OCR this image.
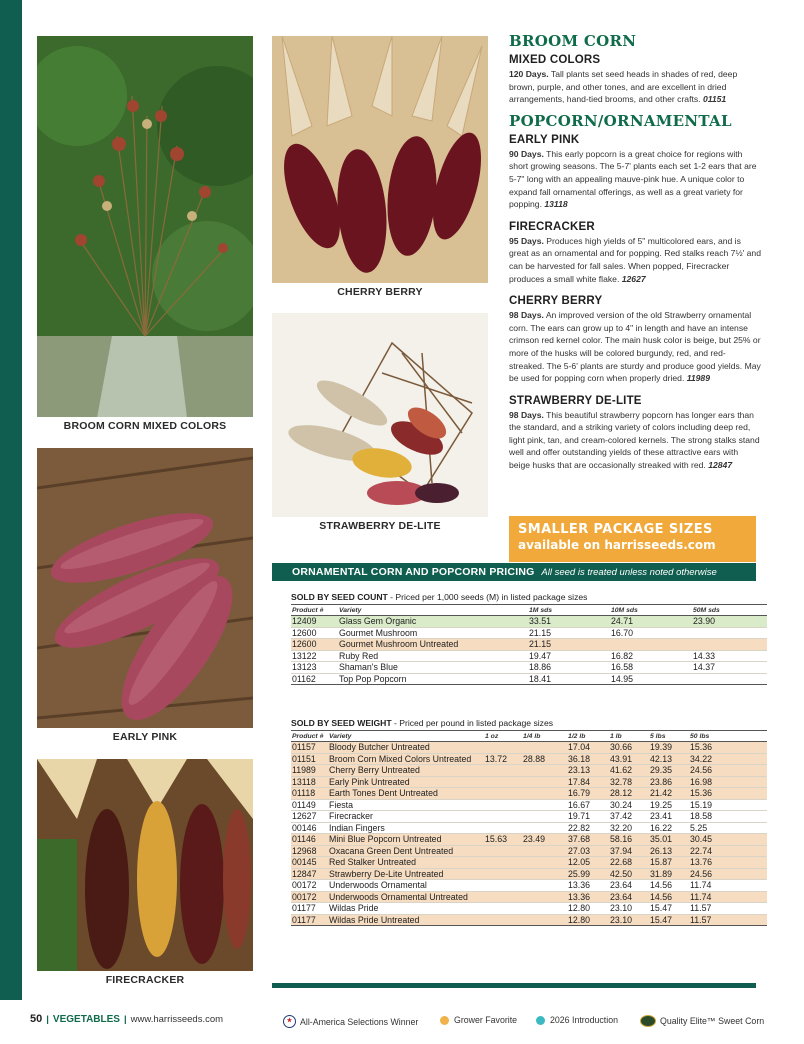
BROOM CORN MIXED COLORS
CHERRY BERRY
STRAWBERRY DE-LITE
EARLY PINK
FIRECRACKER
BROOM CORN
MIXED COLORS
120 Days. Tall plants set seed heads in shades of red, deep brown, purple, and other tones, and are excellent in dried arrangements, hand-tied brooms, and other crafts. 01151
POPCORN/ORNAMENTAL
EARLY PINK
90 Days. This early popcorn is a great choice for regions with short growing seasons. The 5-7' plants each set 1-2 ears that are 5-7" long with an appealing mauve-pink hue. A unique color to expand fall ornamental offerings, as well as a great variety for popping. 13118
FIRECRACKER
95 Days. Produces high yields of 5" multicolored ears, and is great as an ornamental and for popping. Red stalks reach 7½' and can be harvested for fall sales. When popped, Firecracker produces a small white flake. 12627
CHERRY BERRY
98 Days. An improved version of the old Strawberry ornamental corn. The ears can grow up to 4" in length and have an intense crimson red kernel color. The main husk color is beige, but 25% or more of the husks will be colored burgundy, red, and red-streaked. The 5-6' plants are sturdy and produce good yields. May be used for popping corn when properly dried. 11989
STRAWBERRY DE-LITE
98 Days. This beautiful strawberry popcorn has longer ears than the standard, and a striking variety of colors including deep red, light pink, tan, and cream-colored kernels. The strong stalks stand well and offer outstanding yields of these attractive ears with beige husks that are occasionally streaked with red. 12847
SMALLER PACKAGE SIZES
available on harrisseeds.com
ORNAMENTAL CORN AND POPCORN PRICING All seed is treated unless noted otherwise
SOLD BY SEED COUNT - Priced per 1,000 seeds (M) in listed package sizes
Product #	Variety	1M sds	10M sds	50M sds
12409	Glass Gem Organic	33.51	24.71	23.90
12600	Gourmet Mushroom	21.15	16.70	
12600	Gourmet Mushroom Untreated	21.15		
13122	Ruby Red	19.47	16.82	14.33
13123	Shaman's Blue	18.86	16.58	14.37
01162	Top Pop Popcorn	18.41	14.95	
SOLD BY SEED WEIGHT - Priced per pound in listed package sizes
Product #	Variety	1 oz	1/4 lb	1/2 lb	1 lb	5 lbs	50 lbs
01157	Bloody Butcher Untreated			17.04	30.66	19.39	15.36
01151	Broom Corn Mixed Colors Untreated	13.72	28.88	36.18	43.91	42.13	34.22
11989	Cherry Berry Untreated			23.13	41.62	29.35	24.56
13118	Early Pink Untreated			17.84	32.78	23.86	16.98
01118	Earth Tones Dent Untreated			16.79	28.12	21.42	15.36
01149	Fiesta			16.67	30.24	19.25	15.19
12627	Firecracker			19.71	37.42	23.41	18.58
00146	Indian Fingers			22.82	32.20	16.22	5.25
01146	Mini Blue Popcorn Untreated	15.63	23.49	37.68	58.16	35.01	30.45
12968	Oxacana Green Dent Untreated			27.03	37.94	26.13	22.74
00145	Red Stalker Untreated			12.05	22.68	15.87	13.76
12847	Strawberry De-Lite Untreated			25.99	42.50	31.89	24.56
00172	Underwoods Ornamental			13.36	23.64	14.56	11.74
00172	Underwoods Ornamental Untreated			13.36	23.64	14.56	11.74
01177	Wildas Pride			12.80	23.10	15.47	11.57
01177	Wildas Pride Untreated			12.80	23.10	15.47	11.57
50 | VEGETABLES | www.harrisseeds.com	★ All-America Selections Winner	Grower Favorite	2026 Introduction	Quality Elite™ Sweet Corn
